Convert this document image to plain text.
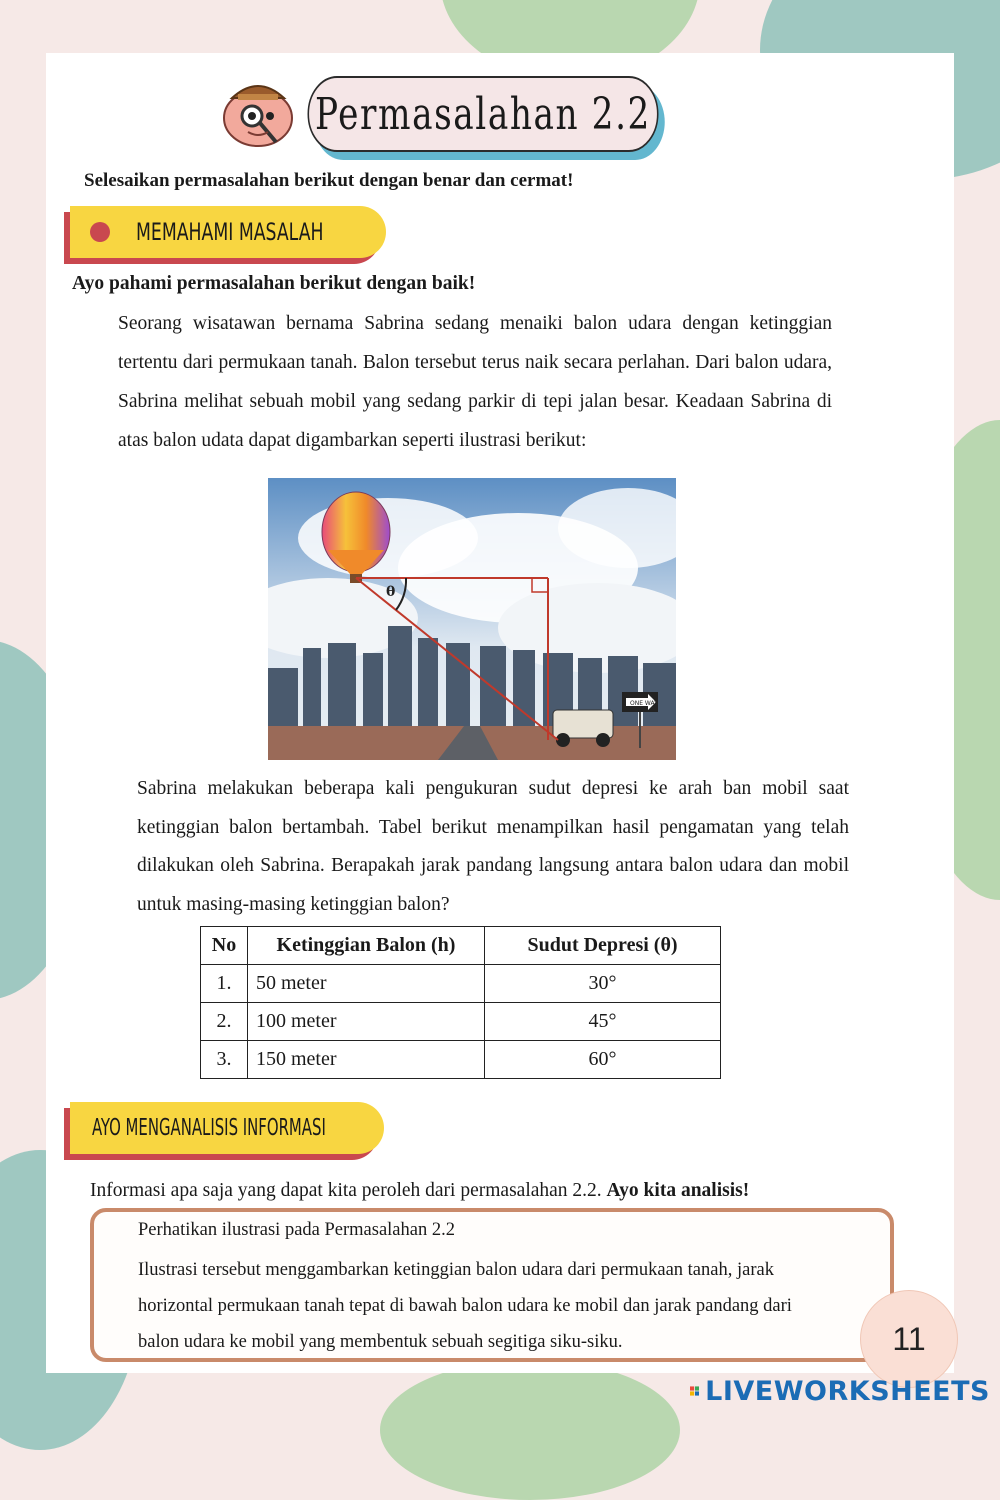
Permasalahan 2.2
Selesaikan permasalahan berikut dengan benar dan cermat!
MEMAHAMI MASALAH
Ayo pahami permasalahan berikut dengan baik!
Seorang wisatawan bernama Sabrina sedang menaiki balon udara dengan ketinggian tertentu dari permukaan tanah. Balon tersebut terus naik secara perlahan. Dari balon udara, Sabrina melihat sebuah mobil yang sedang parkir di tepi jalan besar. Keadaan Sabrina di atas balon udata dapat digambarkan seperti ilustrasi berikut:
ONE WAY
θ
Sabrina melakukan beberapa kali pengukuran sudut depresi ke arah ban mobil saat ketinggian balon bertambah. Tabel berikut menampilkan hasil pengamatan yang telah dilakukan oleh Sabrina. Berapakah jarak pandang langsung antara balon udara dan mobil untuk masing-masing ketinggian balon?
No	Ketinggian Balon (h)	Sudut Depresi (θ)
1.	50 meter	30°
2.	100 meter	45°
3.	150 meter	60°
AYO MENGANALISIS INFORMASI
Informasi apa saja yang dapat kita peroleh dari permasalahan 2.2. Ayo kita analisis!
Perhatikan ilustrasi pada Permasalahan 2.2
Ilustrasi tersebut menggambarkan ketinggian balon udara dari permukaan tanah, jarak horizontal permukaan tanah tepat di bawah balon udara ke mobil dan jarak pandang dari balon udara ke mobil yang membentuk sebuah segitiga siku-siku.	11
LIVEWORKSHEETS
